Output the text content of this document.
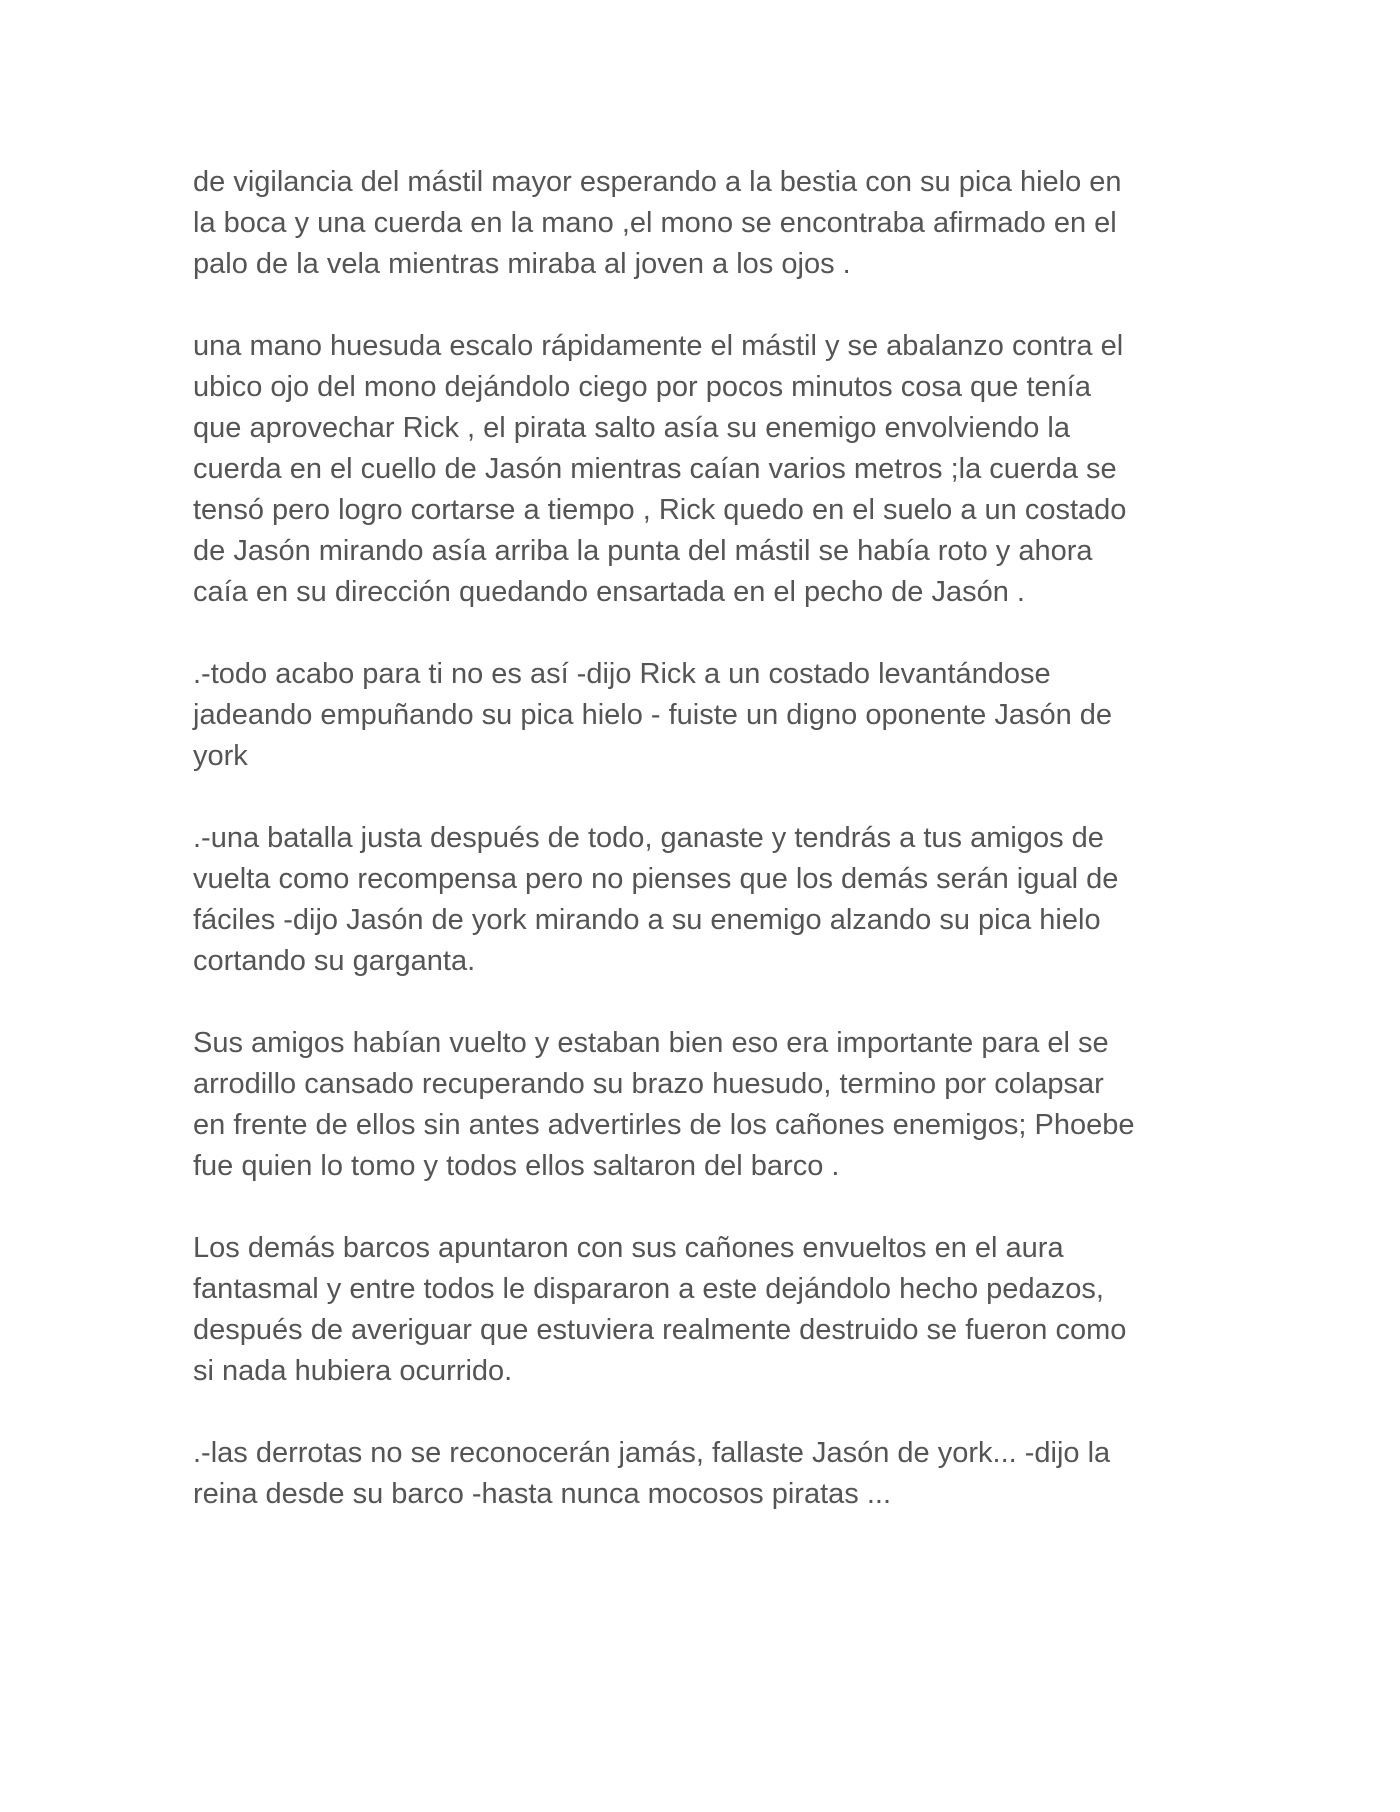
de vigilancia del mástil mayor esperando a la bestia con su pica hielo en
la boca y una cuerda en la mano ,el mono se encontraba afirmado en el
palo de la vela mientras miraba al joven a los ojos .

una mano huesuda escalo rápidamente el mástil y se abalanzo contra el
ubico ojo del mono dejándolo ciego por pocos minutos cosa que tenía
que aprovechar Rick , el pirata salto asía su enemigo envolviendo la
cuerda en el cuello de Jasón mientras caían varios metros ;la cuerda se
tensó pero logro cortarse a tiempo , Rick quedo en el suelo a un costado
de Jasón mirando asía arriba la punta del mástil se había roto y ahora
caía en su dirección quedando ensartada en el pecho de Jasón .

.-todo acabo para ti no es así -dijo Rick a un costado levantándose
jadeando empuñando su pica hielo - fuiste un digno oponente Jasón de
york

.-una batalla justa después de todo, ganaste y tendrás a tus amigos de
vuelta como recompensa pero no pienses que los demás serán igual de
fáciles -dijo Jasón de york mirando a su enemigo alzando su pica hielo
cortando su garganta.

Sus amigos habían vuelto y estaban bien eso era importante para el se
arrodillo cansado recuperando su brazo huesudo, termino por colapsar
en frente de ellos sin antes advertirles de los cañones enemigos; Phoebe
fue quien lo tomo y todos ellos saltaron del barco .

Los demás barcos apuntaron con sus cañones envueltos en el aura
fantasmal y entre todos le dispararon a este dejándolo hecho pedazos,
después de averiguar que estuviera realmente destruido se fueron como
si nada hubiera ocurrido.

.-las derrotas no se reconocerán jamás, fallaste Jasón de york... -dijo la
reina desde su barco -hasta nunca mocosos piratas ...
